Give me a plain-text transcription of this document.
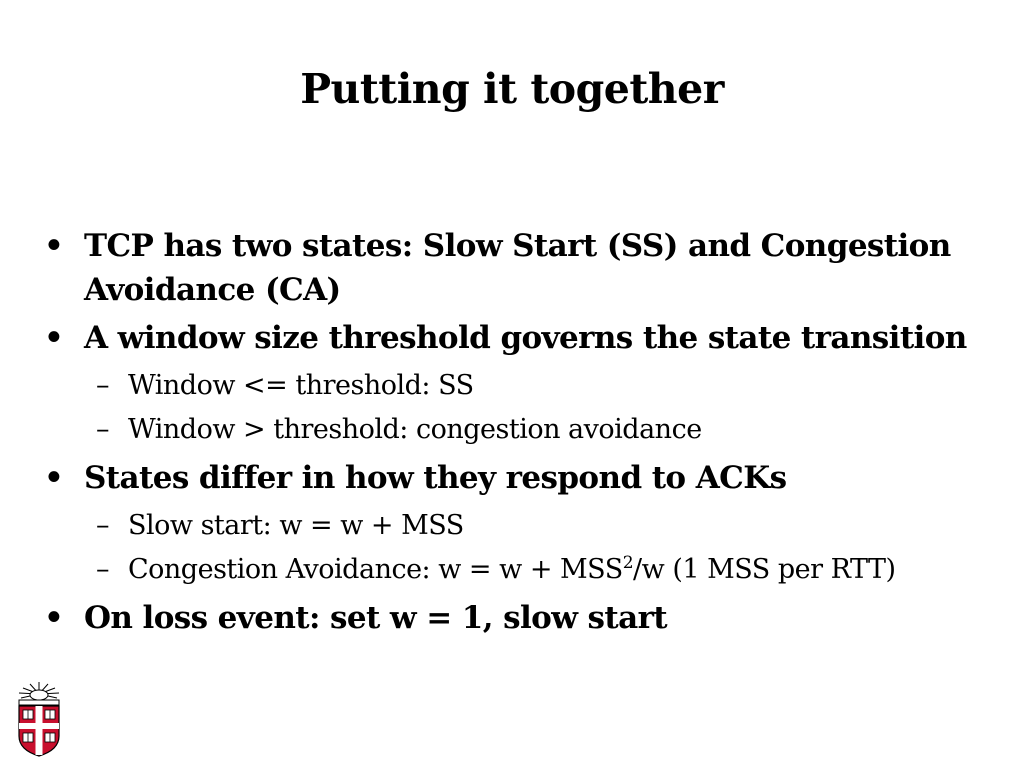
Putting it together
• TCP has two states: Slow Start (SS) and Congestion Avoidance (CA)
• A window size threshold governs the state transition
– Window <= threshold: SS
– Window > threshold: congestion avoidance
• States differ in how they respond to ACKs
– Slow start: w = w + MSS
– Congestion Avoidance: $w = w + MSS^2/w$ (1 MSS per RTT)
• On loss event: set w = 1, slow start
